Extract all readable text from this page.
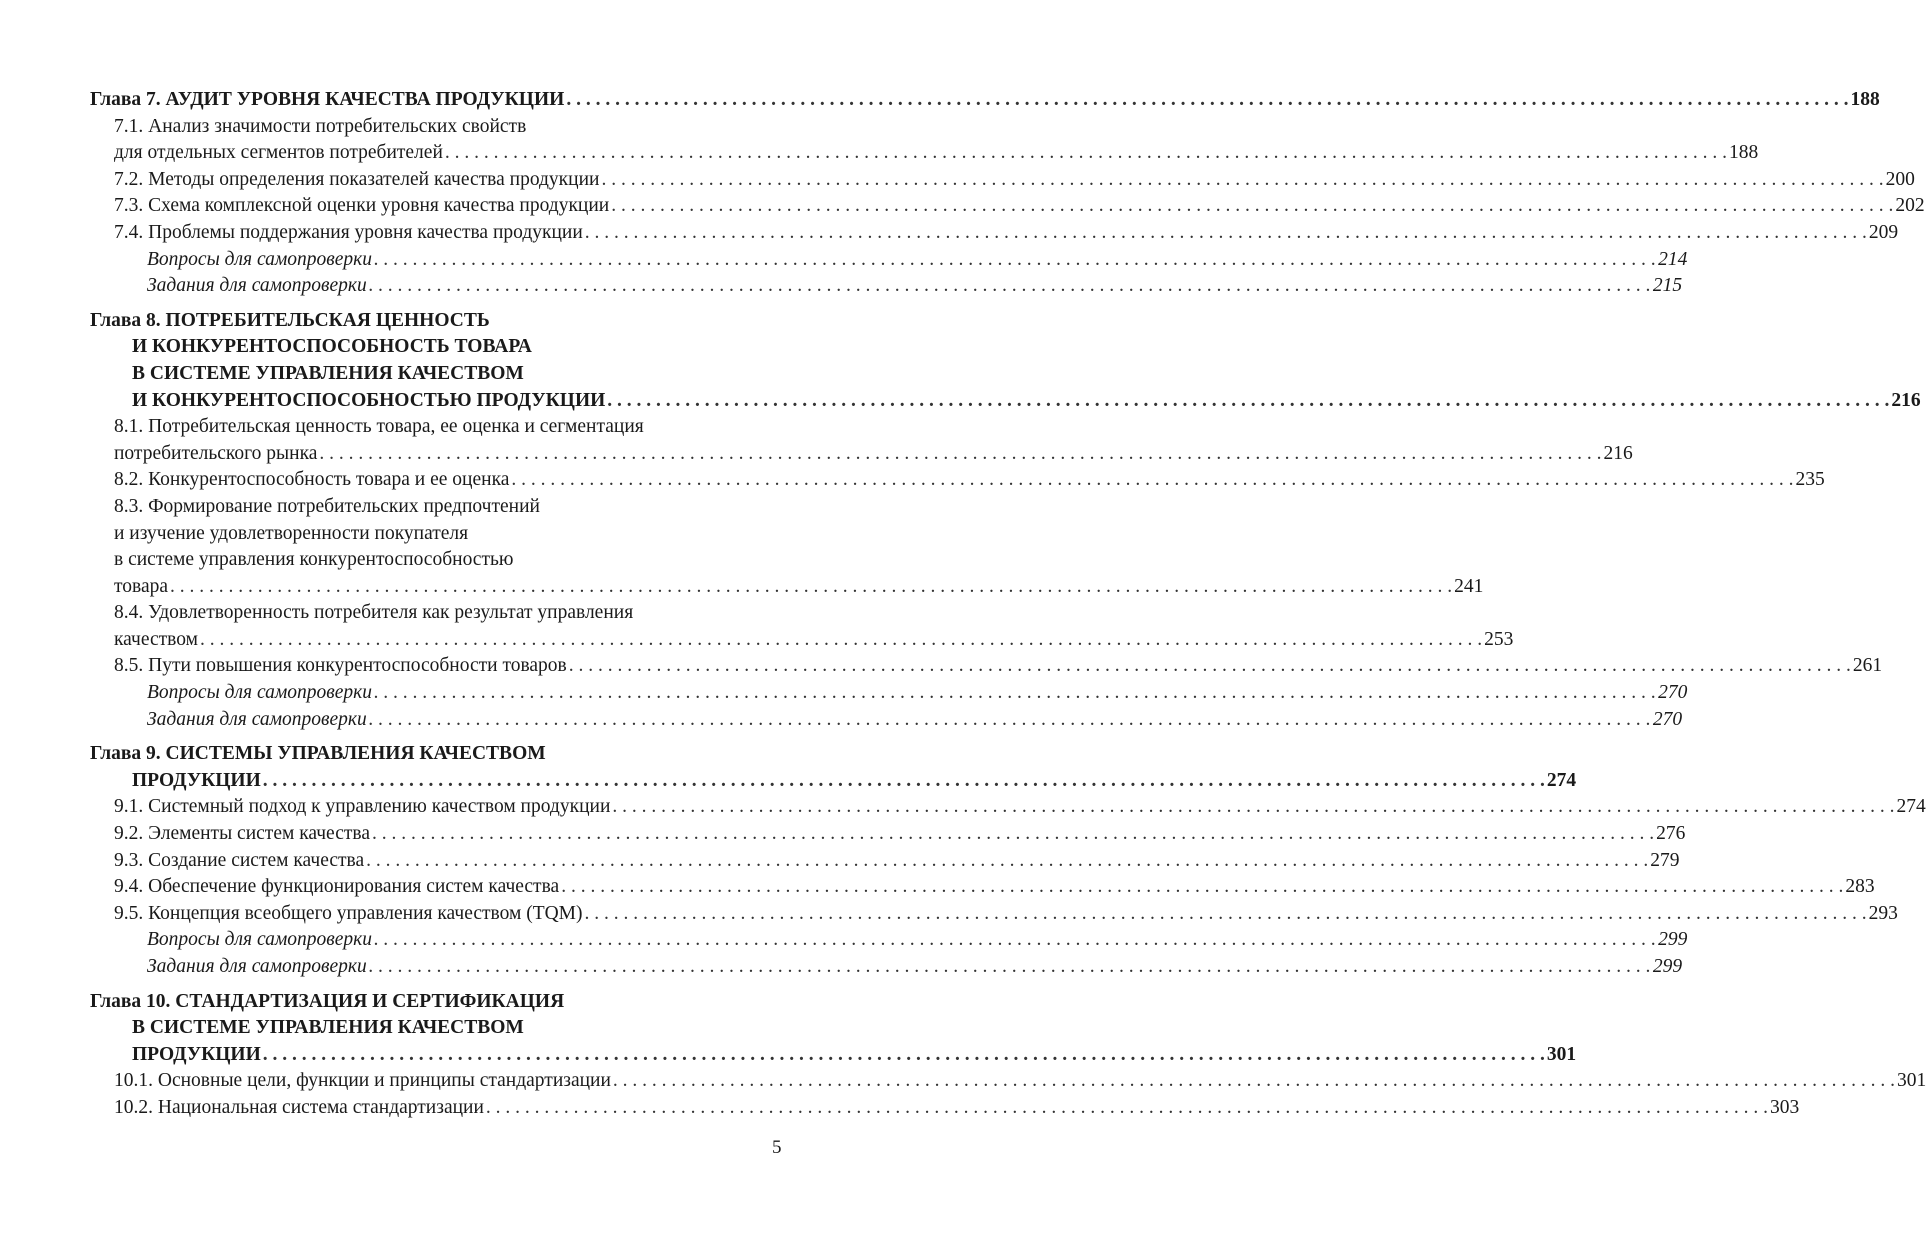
Глава 7. АУДИТ УРОВНЯ КАЧЕСТВА ПРОДУКЦИИ . . .	188
7.1. Анализ значимости потребительских свойств
для отдельных сегментов потребителей . . .	188
7.2. Методы определения показателей качества продукции . . .	200
7.3. Схема комплексной оценки уровня качества продукции . . .	202
7.4. Проблемы поддержания уровня качества продукции . . .	209
Вопросы для самопроверки . . .	214
Задания для самопроверки . . .	215
Глава 8. ПОТРЕБИТЕЛЬСКАЯ ЦЕННОСТЬ
И КОНКУРЕНТОСПОСОБНОСТЬ ТОВАРА
В СИСТЕМЕ УПРАВЛЕНИЯ КАЧЕСТВОМ
И КОНКУРЕНТОСПОСОБНОСТЬЮ ПРОДУКЦИИ . . .	216
8.1. Потребительская ценность товара, ее оценка и сегментация
потребительского рынка . . .	216
8.2. Конкурентоспособность товара и ее оценка . . .	235
8.3. Формирование потребительских предпочтений
и изучение удовлетворенности покупателя
в системе управления конкурентоспособностью
товара . . .	241
8.4. Удовлетворенность потребителя как результат управления
качеством . . .	253
8.5. Пути повышения конкурентоспособности товаров . . .	261
Вопросы для самопроверки . . .	270
Задания для самопроверки . . .	270
Глава 9. СИСТЕМЫ УПРАВЛЕНИЯ КАЧЕСТВОМ
ПРОДУКЦИИ . . .	274
9.1. Системный подход к управлению качеством продукции . . .	274
9.2. Элементы систем качества . . .	276
9.3. Создание систем качества . . .	279
9.4. Обеспечение функционирования систем качества . . .	283
9.5. Концепция всеобщего управления качеством (TQM) . . .	293
Вопросы для самопроверки . . .	299
Задания для самопроверки . . .	299
Глава 10. СТАНДАРТИЗАЦИЯ И СЕРТИФИКАЦИЯ
В СИСТЕМЕ УПРАВЛЕНИЯ КАЧЕСТВОМ
ПРОДУКЦИИ . . .	301
10.1. Основные цели, функции и принципы стандартизации . . .	301
10.2. Национальная система стандартизации . . .	303
5
